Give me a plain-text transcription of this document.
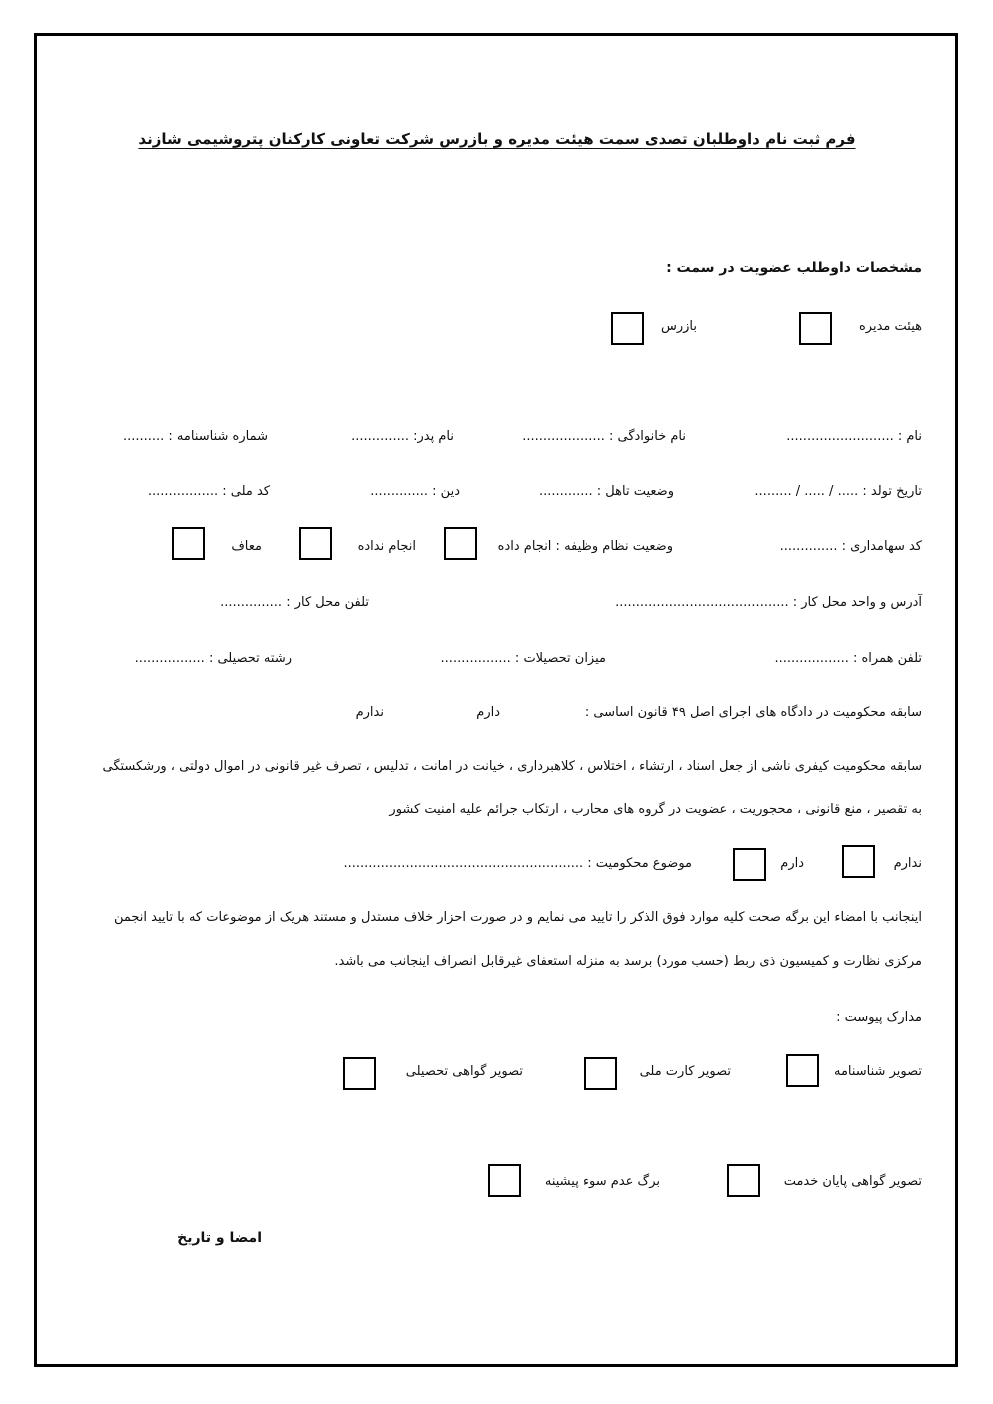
فرم ثبت نام داوطلبان تصدی سمت هیئت مدیره و بازرس شرکت تعاونی کارکنان پتروشیمی شازند
مشخصات داوطلب عضویت در سمت :
هیئت مدیره
بازرس
نام : ..........................
نام خانوادگی : ....................
نام پدر: ..............
شماره شناسنامه : ..........
تاریخ تولد : ..... / ..... / .........
وضعیت تاهل : .............
دین : ..............
کد ملی : .................
کد سهامداری : ..............
وضعیت نظام وظیفه : انجام داده
انجام نداده
معاف
آدرس و واحد محل کار : ..........................................
تلفن محل کار : ...............
تلفن همراه : ..................
میزان تحصیلات : .................
رشته تحصیلی : .................
سابقه محکومیت در دادگاه های اجرای اصل ۴۹ قانون اساسی :
دارم
ندارم
سابقه محکومیت کیفری ناشی از جعل اسناد ، ارتشاء ، اختلاس ، کلاهبرداری ، خیانت در امانت ، تدلیس ، تصرف غیر قانونی در اموال دولتی ، ورشکستگی
به تقصیر ، منع قانونی ، محجوریت ، عضویت در گروه های محارب ، ارتکاب جرائم علیه امنیت کشور
ندارم
دارم
موضوع محکومیت : ..........................................................
اینجانب با امضاء این برگه صحت کلیه موارد فوق الذکر را تایید می نمایم و در صورت احزار خلاف مستدل و مستند هریک از موضوعات که با تایید انجمن
مرکزی نظارت و کمیسیون ذی ربط (حسب مورد) برسد به منزله استعفای غیرقابل انصراف اینجانب می باشد.
مدارک پیوست :
تصویر شناسنامه
تصویر کارت ملی
تصویر گواهی تحصیلی
تصویر گواهی پایان خدمت
برگ عدم سوء پیشینه
امضا و تاریخ
